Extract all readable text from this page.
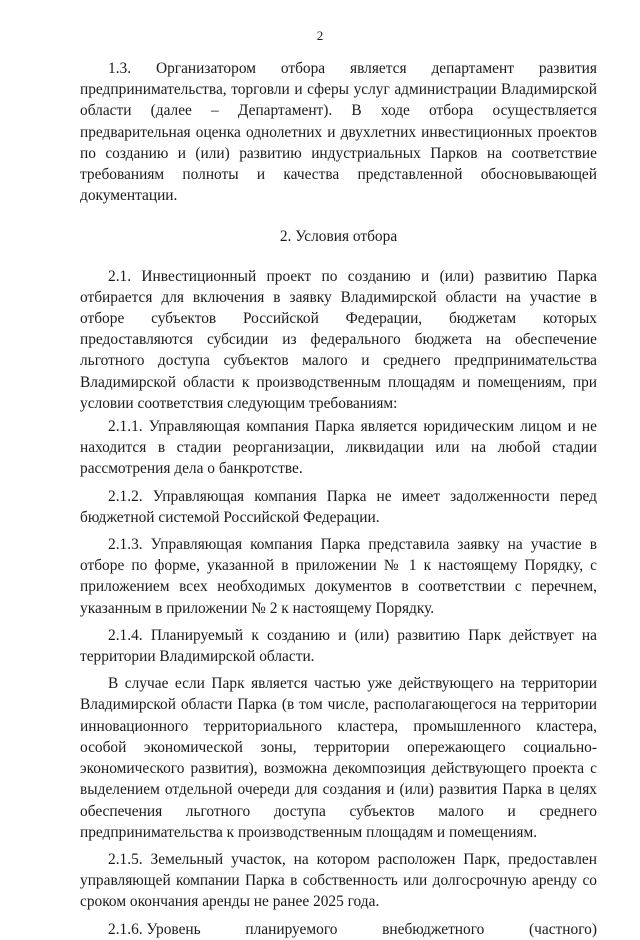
2

1.3. Организатором отбора является департамент развития предпринимательства, торговли и сферы услуг администрации Владимирской области (далее – Департамент). В ходе отбора осуществляется предварительная оценка однолетних и двухлетних инвестиционных проектов по созданию и (или) развитию индустриальных Парков на соответствие требованиям полноты и качества представленной обосновывающей документации.

2. Условия отбора

2.1. Инвестиционный проект по созданию и (или) развитию Парка отбирается для включения в заявку Владимирской области на участие в отборе субъектов Российской Федерации, бюджетам которых предоставляются субсидии из федерального бюджета на обеспечение льготного доступа субъектов малого и среднего предпринимательства Владимирской области к производственным площадям и помещениям, при условии соответствия следующим требованиям:

2.1.1. Управляющая компания Парка является юридическим лицом и не находится в стадии реорганизации, ликвидации или на любой стадии рассмотрения дела о банкротстве.

2.1.2. Управляющая компания Парка не имеет задолженности перед бюджетной системой Российской Федерации.

2.1.3. Управляющая компания Парка представила заявку на участие в отборе по форме, указанной в приложении № 1 к настоящему Порядку, с приложением всех необходимых документов в соответствии с перечнем, указанным в приложении № 2 к настоящему Порядку.

2.1.4. Планируемый к созданию и (или) развитию Парк действует на территории Владимирской области.

В случае если Парк является частью уже действующего на территории Владимирской области Парка (в том числе, располагающегося на территории инновационного территориального кластера, промышленного кластера, особой экономической зоны, территории опережающего социально-экономического развития), возможна декомпозиция действующего проекта с выделением отдельной очереди для создания и (или) развития Парка в целях обеспечения льготного доступа субъектов малого и среднего предпринимательства к производственным площадям и помещениям.

2.1.5. Земельный участок, на котором расположен Парк, предоставлен управляющей компании Парка в собственность или долгосрочную аренду со сроком окончания аренды не ранее 2025 года.

2.1.6. Уровень	планируемого	внебюджетного	(частного)
